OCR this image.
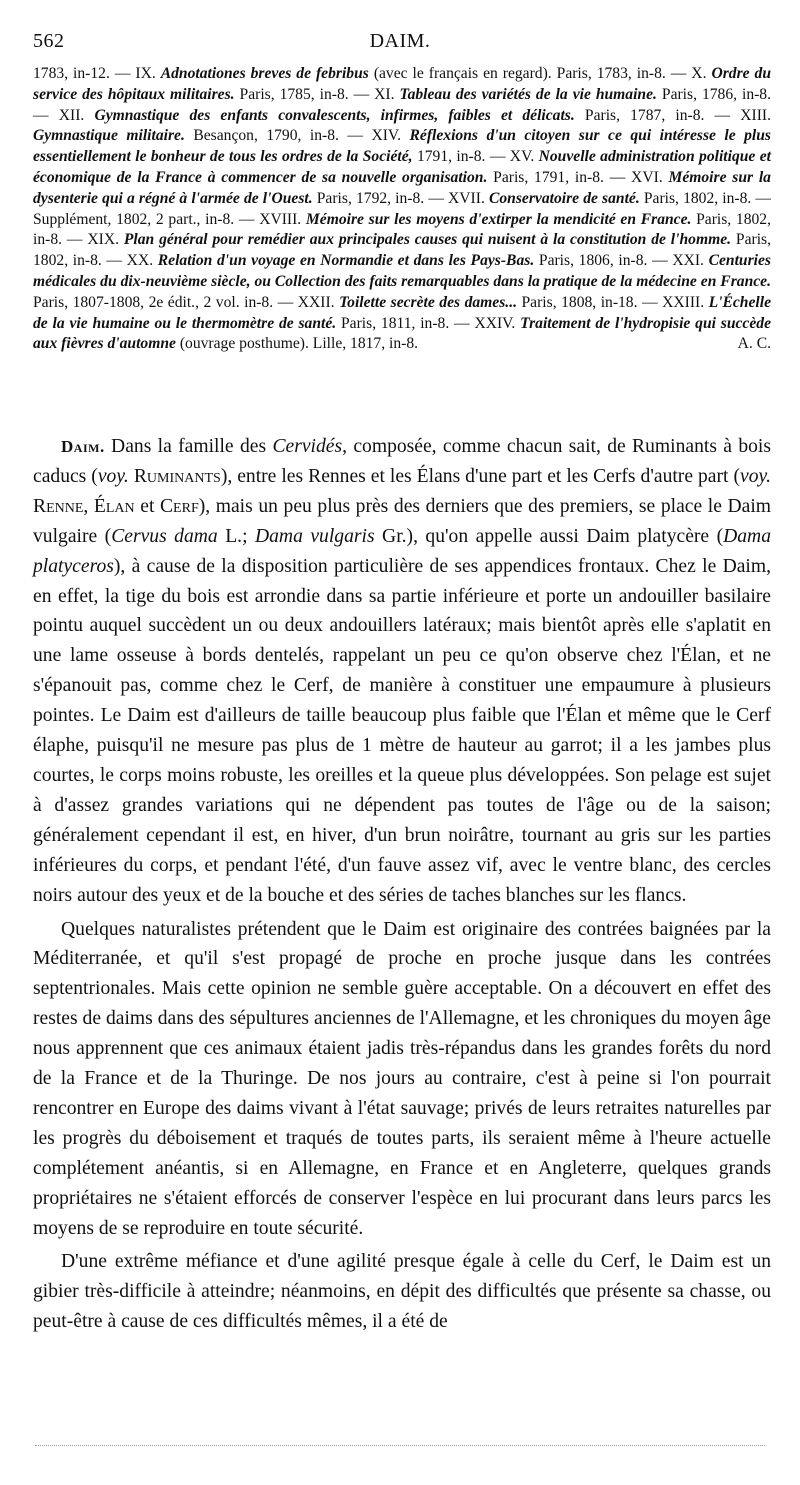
562	DAIM.
1783, in-12. — IX. Adnotationes breves de febribus (avec le français en regard). Paris, 1783, in-8. — X. Ordre du service des hôpitaux militaires. Paris, 1785, in-8. — XI. Tableau des variétés de la vie humaine. Paris, 1786, in-8. — XII. Gymnastique des enfants convalescents, infirmes, faibles et délicats. Paris, 1787, in-8. — XIII. Gymnastique militaire. Besançon, 1790, in-8. — XIV. Réflexions d'un citoyen sur ce qui intéresse le plus essentiellement le bonheur de tous les ordres de la Société, 1791, in-8. — XV. Nouvelle administration politique et économique de la France à commencer de sa nouvelle organisation. Paris, 1791, in-8. — XVI. Mémoire sur la dysenterie qui a régné à l'armée de l'Ouest. Paris, 1792, in-8. — XVII. Conservatoire de santé. Paris, 1802, in-8. — Supplément, 1802, 2 part., in-8. — XVIII. Mémoire sur les moyens d'extirper la mendicité en France. Paris, 1802, in-8. — XIX. Plan général pour remédier aux principales causes qui nuisent à la constitution de l'homme. Paris, 1802, in-8. — XX. Relation d'un voyage en Normandie et dans les Pays-Bas. Paris, 1806, in-8. — XXI. Centuries médicales du dix-neuvième siècle, ou Collection des faits remarquables dans la pratique de la médecine en France. Paris, 1807-1808, 2e édit., 2 vol. in-8. — XXII. Toilette secrète des dames... Paris, 1808, in-18. — XXIII. L'Échelle de la vie humaine ou le thermomètre de santé. Paris, 1811, in-8. — XXIV. Traitement de l'hydropisie qui succède aux fièvres d'automne (ouvrage posthume). Lille, 1817, in-8.	A. C.

Daim. Dans la famille des Cervidés, composée, comme chacun sait, de Ruminants à bois caducs (voy. Ruminants), entre les Rennes et les Élans d'une part et les Cerfs d'autre part (voy. Renne, Élan et Cerf), mais un peu plus près des derniers que des premiers, se place le Daim vulgaire (Cervus dama L.; Dama vulgaris Gr.), qu'on appelle aussi Daim platycère (Dama platyceros), à cause de la disposition particulière de ses appendices frontaux. Chez le Daim, en effet, la tige du bois est arrondie dans sa partie inférieure et porte un andouiller basilaire pointu auquel succèdent un ou deux andouillers latéraux; mais bientôt après elle s'aplatit en une lame osseuse à bords dentelés, rappelant un peu ce qu'on observe chez l'Élan, et ne s'épanouit pas, comme chez le Cerf, de manière à constituer une empaumure à plusieurs pointes. Le Daim est d'ailleurs de taille beaucoup plus faible que l'Élan et même que le Cerf élaphe, puisqu'il ne mesure pas plus de 1 mètre de hauteur au garrot; il a les jambes plus courtes, le corps moins robuste, les oreilles et la queue plus développées. Son pelage est sujet à d'assez grandes variations qui ne dépendent pas toutes de l'âge ou de la saison; généralement cependant il est, en hiver, d'un brun noirâtre, tournant au gris sur les parties inférieures du corps, et pendant l'été, d'un fauve assez vif, avec le ventre blanc, des cercles noirs autour des yeux et de la bouche et des séries de taches blanches sur les flancs.

Quelques naturalistes prétendent que le Daim est originaire des contrées baignées par la Méditerranée, et qu'il s'est propagé de proche en proche jusque dans les contrées septentrionales. Mais cette opinion ne semble guère acceptable. On a découvert en effet des restes de daims dans des sépultures anciennes de l'Allemagne, et les chroniques du moyen âge nous apprennent que ces animaux étaient jadis très-répandus dans les grandes forêts du nord de la France et de la Thuringe. De nos jours au contraire, c'est à peine si l'on pourrait rencontrer en Europe des daims vivant à l'état sauvage; privés de leurs retraites naturelles par les progrès du déboisement et traqués de toutes parts, ils seraient même à l'heure actuelle complétement anéantis, si en Allemagne, en France et en Angleterre, quelques grands propriétaires ne s'étaient efforcés de conserver l'espèce en lui procurant dans leurs parcs les moyens de se reproduire en toute sécurité.

D'une extrême méfiance et d'une agilité presque égale à celle du Cerf, le Daim est un gibier très-difficile à atteindre; néanmoins, en dépit des difficultés que présente sa chasse, ou peut-être à cause de ces difficultés mêmes, il a été de
